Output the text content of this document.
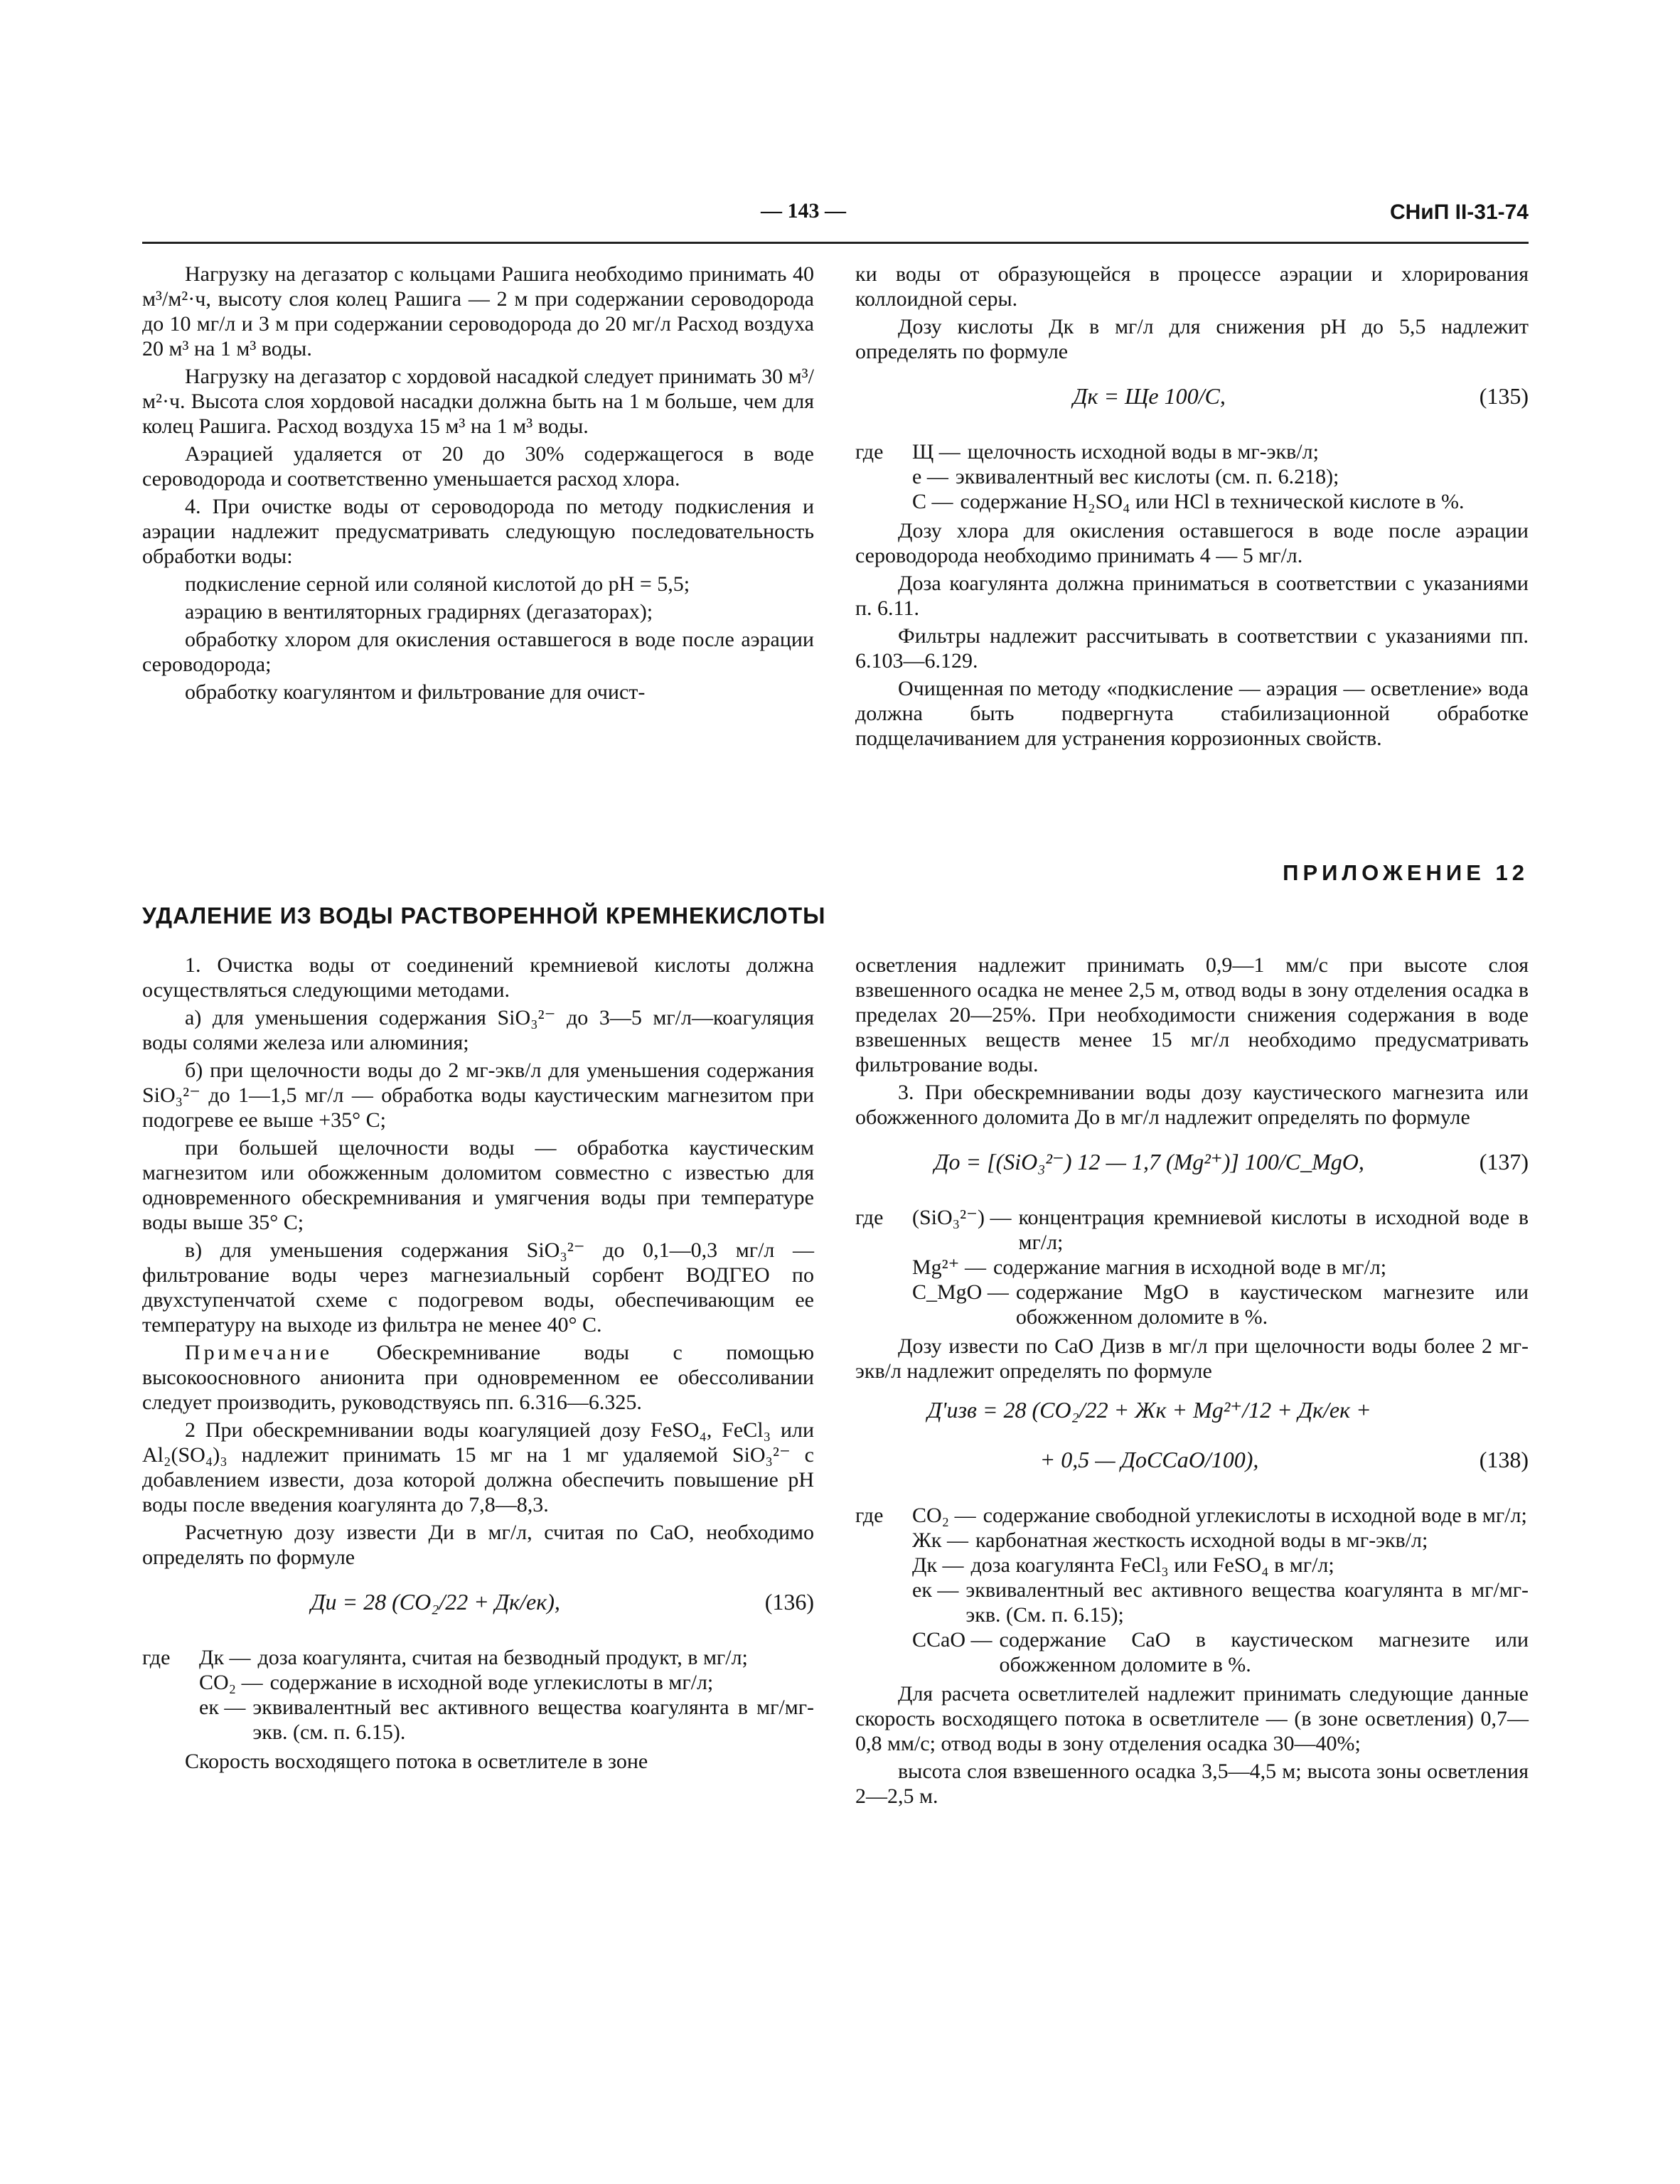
— 143 —	СНиП II-31-74

Нагрузку на дегазатор с кольцами Рашига необходимо принимать 40 м³/м²·ч, высоту слоя колец Рашига — 2 м при содержании сероводорода до 10 мг/л и 3 м при содержании сероводорода до 20 мг/л Расход воздуха 20 м³ на 1 м³ воды.

Нагрузку на дегазатор с хордовой насадкой следует принимать 30 м³/м²·ч. Высота слоя хордовой насадки должна быть на 1 м больше, чем для колец Рашига. Расход воздуха 15 м³ на 1 м³ воды.

Аэрацией удаляется от 20 до 30% содержащегося в воде сероводорода и соответственно уменьшается расход хлора.

4. При очистке воды от сероводорода по методу подкисления и аэрации надлежит предусматривать следующую последовательность обработки воды:

подкисление серной или соляной кислотой до pH = 5,5;

аэрацию в вентиляторных градирнях (дегазаторах);

обработку хлором для окисления оставшегося в воде после аэрации сероводорода;

обработку коагулянтом и фильтрование для очист-

ки воды от образующейся в процессе аэрации и хлорирования коллоидной серы.

Дозу кислоты Дк в мг/л для снижения pH до 5,5 надлежит определять по формуле

Дк = Ще 100/C,	(135)
где	Щ — щелочность исходной воды в мг-экв/л;
е — эквивалентный вес кислоты (см. п. 6.218);
C — содержание H₂SO₄ или HCl в технической кислоте в %.

Дозу хлора для окисления оставшегося в воде после аэрации сероводорода необходимо принимать 4 — 5 мг/л.

Доза коагулянта должна приниматься в соответствии с указаниями п. 6.11.

Фильтры надлежит рассчитывать в соответствии с указаниями пп. 6.103—6.129.

Очищенная по методу «подкисление — аэрация — осветление» вода должна быть подвергнута стабилизационной обработке подщелачиванием для устранения коррозионных свойств.

ПРИЛОЖЕНИЕ 12
УДАЛЕНИЕ ИЗ ВОДЫ РАСТВОРЕННОЙ КРЕМНЕКИСЛОТЫ

1. Очистка воды от соединений кремниевой кислоты должна осуществляться следующими методами.

а) для уменьшения содержания SiO₃²⁻ до 3—5 мг/л—коагуляция воды солями железа или алюминия;

б) при щелочности воды до 2 мг-экв/л для уменьшения содержания SiO₃²⁻ до 1—1,5 мг/л — обработка воды каустическим магнезитом при подогреве ее выше +35° С;

при большей щелочности воды — обработка каустическим магнезитом или обожженным доломитом совместно с известью для одновременного обескремнивания и умягчения воды при температуре воды выше 35° С;

в) для уменьшения содержания SiO₃²⁻ до 0,1—0,3 мг/л — фильтрование воды через магнезиальный сорбент ВОДГЕО по двухступенчатой схеме с подогревом воды, обеспечивающим ее температуру на выходе из фильтра не менее 40° С.

Примечание Обескремнивание воды с помощью высокоосновного анионита при одновременном ее обессоливании следует производить, руководствуясь пп. 6.316—6.325.

2 При обескремнивании воды коагуляцией дозу FeSO₄, FeCl₃ или Al₂(SO₄)₃ надлежит принимать 15 мг на 1 мг удаляемой SiO₃²⁻ с добавлением извести, доза которой должна обеспечить повышение pH воды после введения коагулянта до 7,8—8,3.

Расчетную дозу извести Ди в мг/л, считая по СаО, необходимо определять по формуле

Ди = 28 (CO₂/22 + Дк/ек),	(136)
где	Дк — доза коагулянта, считая на безводный продукт, в мг/л;
CO₂ — содержание в исходной воде углекислоты в мг/л;
ек — эквивалентный вес активного вещества коагулянта в мг/мг-экв. (см. п. 6.15).

Скорость восходящего потока в осветлителе в зоне

осветления надлежит принимать 0,9—1 мм/с при высоте слоя взвешенного осадка не менее 2,5 м, отвод воды в зону отделения осадка в пределах 20—25%. При необходимости снижения содержания в воде взвешенных веществ менее 15 мг/л необходимо предусматривать фильтрование воды.

3. При обескремнивании воды дозу каустического магнезита или обожженного доломита До в мг/л надлежит определять по формуле

До = [(SiO₃²⁻) 12 — 1,7 (Mg²⁺)] 100/C_MgO,	(137)
где	(SiO₃²⁻) — концентрация кремниевой кислоты в исходной воде в мг/л;
Mg²⁺ — содержание магния в исходной воде в мг/л;
C_MgO — содержание MgO в каустическом магнезите или обожженном доломите в %.

Дозу извести по СаО Дизв в мг/л при щелочности воды более 2 мг-экв/л надлежит определять по формуле

Д'изв = 28 (CO₂/22 + Жк + Mg²⁺/12 + Дк/ек +
+ 0,5 — ДоCCaO/100),	(138)
где	CO₂ — содержание свободной углекислоты в исходной воде в мг/л;
Жк — карбонатная жесткость исходной воды в мг-экв/л;
Дк — доза коагулянта FeCl₃ или FeSO₄ в мг/л;
ек — эквивалентный вес активного вещества коагулянта в мг/мг-экв. (См. п. 6.15);
CCaO — содержание СаО в каустическом магнезите или обожженном доломите в %.

Для расчета осветлителей надлежит принимать следующие данные скорость восходящего потока в осветлителе — (в зоне осветления) 0,7—0,8 мм/с; отвод воды в зону отделения осадка 30—40%;

высота слоя взвешенного осадка 3,5—4,5 м; высота зоны осветления 2—2,5 м.
